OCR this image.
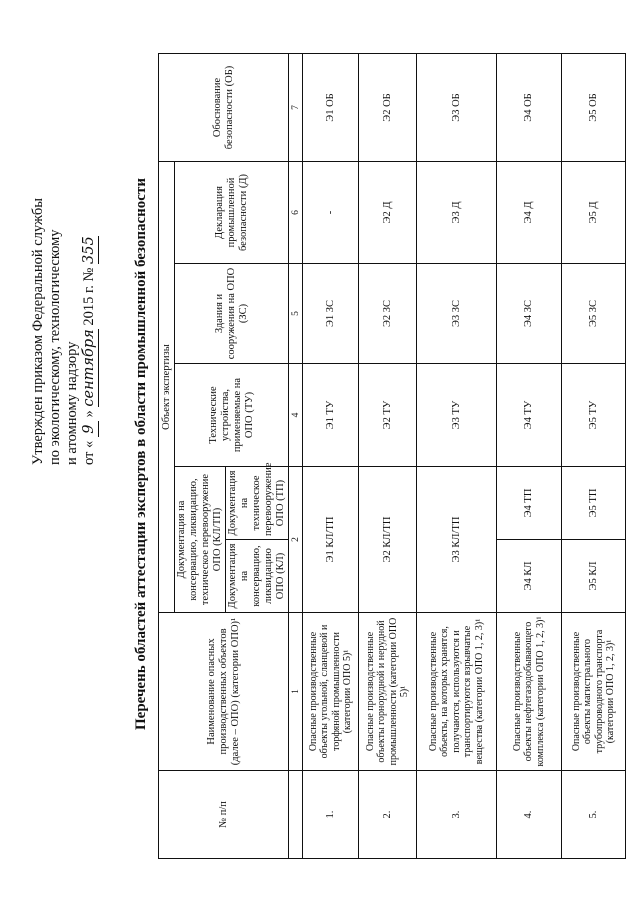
Утвержден приказом Федеральной службы по экологическому, технологическому и атомному надзору от « 9 » сентября 2015 г. № 355 Перечень областей аттестации экспертов в области промышленной безопасности
№ п/п	Наименование опасных производственных объектов (далее – ОПО) (категории ОПО)¹	Объект экспертизы					Обоснование безопасности (ОБ)
		Документация на консервацию, ликвидацию, техническое перевооружение ОПО (КЛ/ТП)		Технические устройства, применяемые на ОПО (ТУ)	Здания и сооружения на ОПО (ЗС)	Декларация промышленной безопасности (Д)	
		Документация на консервацию, ликвидацию ОПО (КЛ)	Документация на техническое перевооружение ОПО (ТП)				
	1	2		4	5	6	7
1.	Опасные производственные объекты угольной, сланцевой и торфяной промышленности (категории ОПО 5)¹	Э1 КЛ/ТП		Э1 ТУ	Э1 ЗС	-	Э1 ОБ
2.	Опасные производственные объекты горнорудной и нерудной промышленности (категории ОПО 5)¹	Э2 КЛ/ТП		Э2 ТУ	Э2 ЗС	Э2 Д	Э2 ОБ
3.	Опасные производственные объекты, на которых хранятся, получаются, используются и транспортируются взрывчатые вещества (категории ОПО 1, 2, 3)¹	Э3 КЛ/ТП		Э3 ТУ	Э3 ЗС	Э3 Д	Э3 ОБ
4.	Опасные производственные объекты нефтегазодобывающего комплекса (категории ОПО 1, 2, 3)¹	Э4 КЛ	Э4 ТП	Э4 ТУ	Э4 ЗС	Э4 Д	Э4 ОБ
5.	Опасные производственные объекты магистрального трубопроводного транспорта (категории ОПО 1, 2, 3)¹	Э5 КЛ	Э5 ТП	Э5 ТУ	Э5 ЗС	Э5 Д	Э5 ОБ
